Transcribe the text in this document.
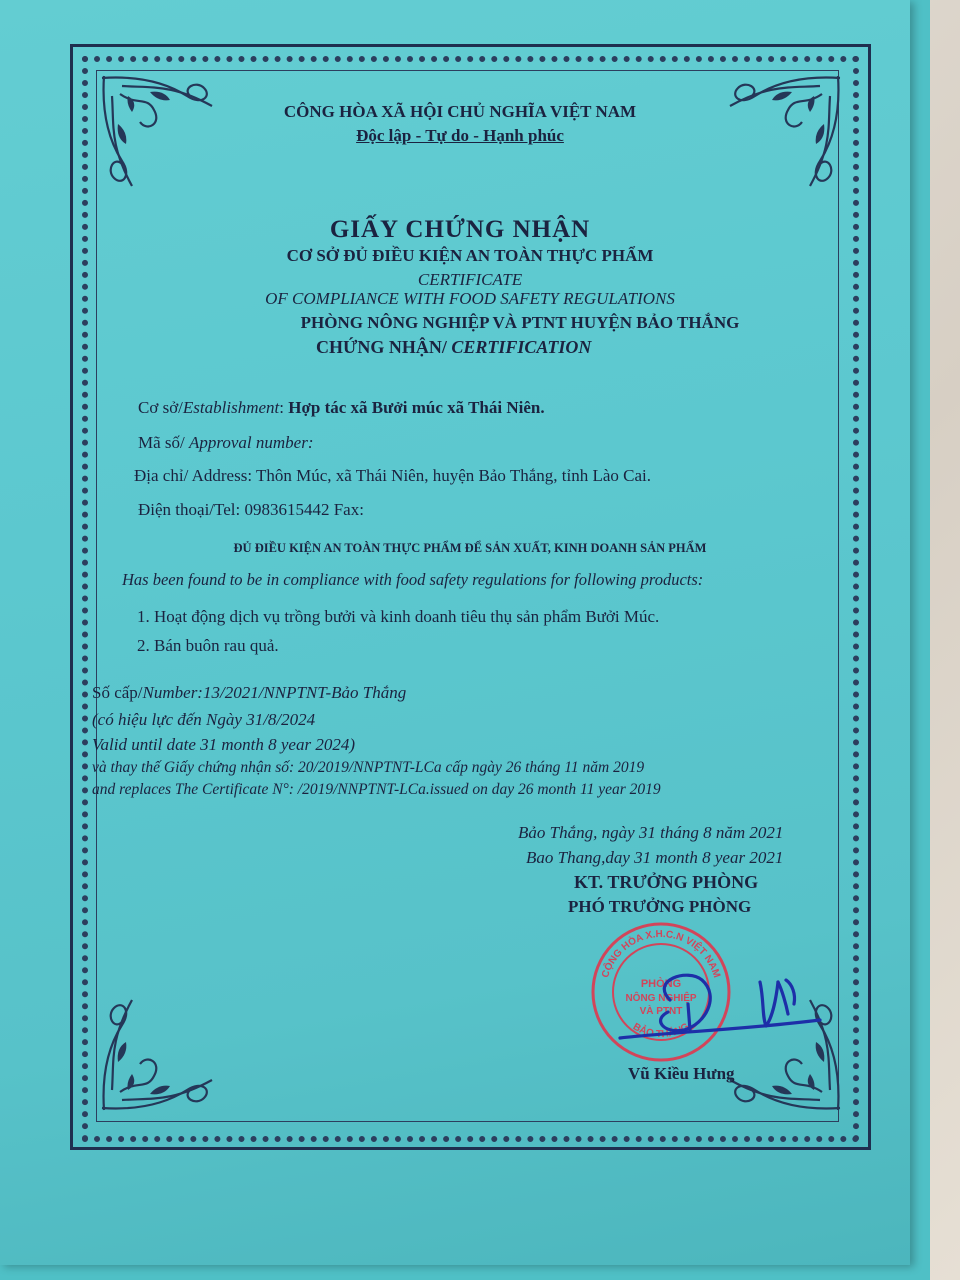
CÔNG HÒA XÃ HỘI CHỦ NGHĨA VIỆT NAM
Độc lập - Tự do - Hạnh phúc
GIẤY CHỨNG NHẬN
CƠ SỞ ĐỦ ĐIỀU KIỆN AN TOÀN THỰC PHẨM
CERTIFICATE
OF COMPLIANCE WITH FOOD SAFETY REGULATIONS
PHÒNG NÔNG NGHIỆP VÀ PTNT HUYỆN BẢO THẮNG
CHỨNG NHẬN/ CERTIFICATION
Cơ sở/Establishment: Hợp tác xã Bưởi múc xã Thái Niên.
Mã số/ Approval number:
Địa chỉ/ Address: Thôn Múc, xã Thái Niên, huyện Bảo Thắng, tỉnh Lào Cai.
Điện thoại/Tel: 0983615442 Fax:
ĐỦ ĐIỀU KIỆN AN TOÀN THỰC PHẨM ĐỂ SẢN XUẤT, KINH DOANH SẢN PHẨM
Has been found to be in compliance with food safety regulations for following products:
1. Hoạt động dịch vụ trồng bưởi và kinh doanh tiêu thụ sản phẩm Bưởi Múc.
2. Bán buôn rau quả.
Số cấp/Number:13/2021/NNPTNT-Bảo Thắng
(có hiệu lực đến Ngày 31/8/2024
Valid until date 31 month 8 year 2024)
và thay thế Giấy chứng nhận số: 20/2019/NNPTNT-LCa cấp ngày 26 tháng 11 năm 2019
and replaces The Certificate N°: /2019/NNPTNT-LCa.issued on day 26 month 11 year 2019
Bảo Thắng, ngày 31 tháng 8 năm 2021
Bao Thang,day 31 month 8 year 2021
KT. TRƯỞNG PHÒNG
PHÓ TRƯỞNG PHÒNG
CỘNG HÒA X.H.C.N VIỆT NAM
BẢO THẮNG
PHÒNG
NÔNG NGHIỆP
VÀ PTNT
Vũ Kiều Hưng
